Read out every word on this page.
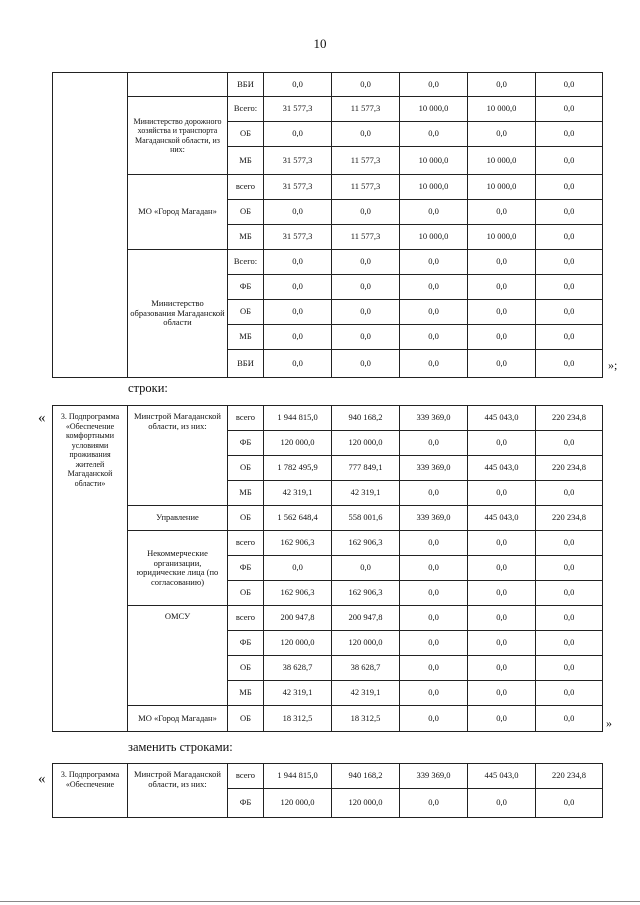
10
		ВБИ	0,0	0,0	0,0	0,0	0,0
	Министерство дорожного хозяйства и транспорта Магаданской области, из них:	Всего:	31 577,3	11 577,3	10 000,0	10 000,0	0,0
		ОБ	0,0	0,0	0,0	0,0	0,0
		МБ	31 577,3	11 577,3	10 000,0	10 000,0	0,0
	МО «Город Магадан»	всего	31 577,3	11 577,3	10 000,0	10 000,0	0,0
		ОБ	0,0	0,0	0,0	0,0	0,0
		МБ	31 577,3	11 577,3	10 000,0	10 000,0	0,0
	Министерство образования Магаданской области	Всего:	0,0	0,0	0,0	0,0	0,0
		ФБ	0,0	0,0	0,0	0,0	0,0
		ОБ	0,0	0,0	0,0	0,0	0,0
		МБ	0,0	0,0	0,0	0,0	0,0
		ВБИ	0,0	0,0	0,0	0,0	0,0	»;
строки:
« 3. Подпрограмма «Обеспечение комфортными условиями проживания жителей Магаданской области»	Минстрой Магаданской области, из них:	всего	1 944 815,0	940 168,2	339 369,0	445 043,0	220 234,8
		ФБ	120 000,0	120 000,0	0,0	0,0	0,0
		ОБ	1 782 495,9	777 849,1	339 369,0	445 043,0	220 234,8
		МБ	42 319,1	42 319,1	0,0	0,0	0,0
	Управление	ОБ	1 562 648,4	558 001,6	339 369,0	445 043,0	220 234,8
	Некоммерческие организации, юридические лица (по согласованию)	всего	162 906,3	162 906,3	0,0	0,0	0,0
		ФБ	0,0	0,0	0,0	0,0	0,0
		ОБ	162 906,3	162 906,3	0,0	0,0	0,0
	ОМСУ	всего	200 947,8	200 947,8	0,0	0,0	0,0
		ФБ	120 000,0	120 000,0	0,0	0,0	0,0
		ОБ	38 628,7	38 628,7	0,0	0,0	0,0
		МБ	42 319,1	42 319,1	0,0	0,0	0,0
	МО «Город Магадан»	ОБ	18 312,5	18 312,5	0,0	0,0	0,0	»
заменить строками:
« 3. Подпрограмма «Обеспечение	Минстрой Магаданской области, из них:	всего	1 944 815,0	940 168,2	339 369,0	445 043,0	220 234,8
		ФБ	120 000,0	120 000,0	0,0	0,0	0,0
